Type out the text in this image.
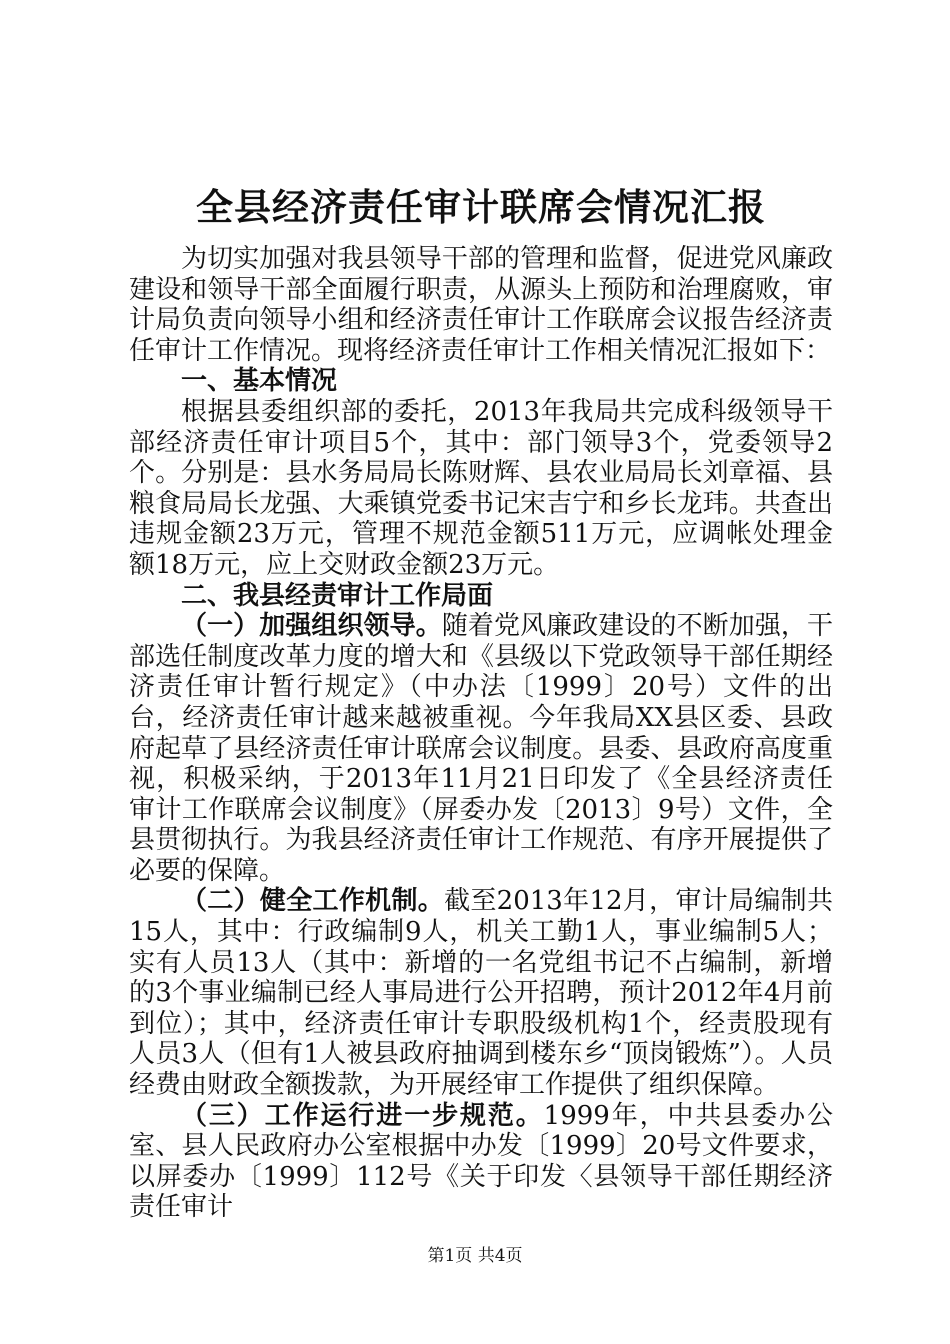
全县经济责任审计联席会情况汇报

为切实加强对我县领导干部的管理和监督，促进党风廉政建设和领导干部全面履行职责，从源头上预防和治理腐败，审计局负责向领导小组和经济责任审计工作联席会议报告经济责任审计工作情况。现将经济责任审计工作相关情况汇报如下：

一、基本情况

根据县委组织部的委托，2013年我局共完成科级领导干部经济责任审计项目5个，其中：部门领导3个，党委领导2个。分别是：县水务局局长陈财辉、县农业局局长刘章福、县粮食局局长龙强、大乘镇党委书记宋吉宁和乡长龙玮。共查出违规金额23万元，管理不规范金额511万元，应调帐处理金额18万元，应上交财政金额23万元。

二、我县经责审计工作局面

（一）加强组织领导。随着党风廉政建设的不断加强，干部选任制度改革力度的增大和《县级以下党政领导干部任期经济责任审计暂行规定》（中办法〔1999〕20号）文件的出台，经济责任审计越来越被重视。今年我局XX县区委、县政府起草了县经济责任审计联席会议制度。县委、县政府高度重视，积极采纳，于2013年11月21日印发了《全县经济责任审计工作联席会议制度》（屏委办发〔2013〕9号）文件，全县贯彻执行。为我县经济责任审计工作规范、有序开展提供了必要的保障。

（二）健全工作机制。截至2013年12月，审计局编制共15人，其中：行政编制9人，机关工勤1人，事业编制5人；实有人员13人（其中：新增的一名党组书记不占编制，新增的3个事业编制已经人事局进行公开招聘，预计2012年4月前到位）；其中，经济责任审计专职股级机构1个，经责股现有人员3人（但有1人被县政府抽调到楼东乡“顶岗锻炼”）。人员经费由财政全额拨款，为开展经审工作提供了组织保障。

（三）工作运行进一步规范。1999年，中共县委办公室、县人民政府办公室根据中办发〔1999〕20号文件要求，以屏委办〔1999〕112号《关于印发〈县领导干部任期经济责任审计

第1页 共4页
